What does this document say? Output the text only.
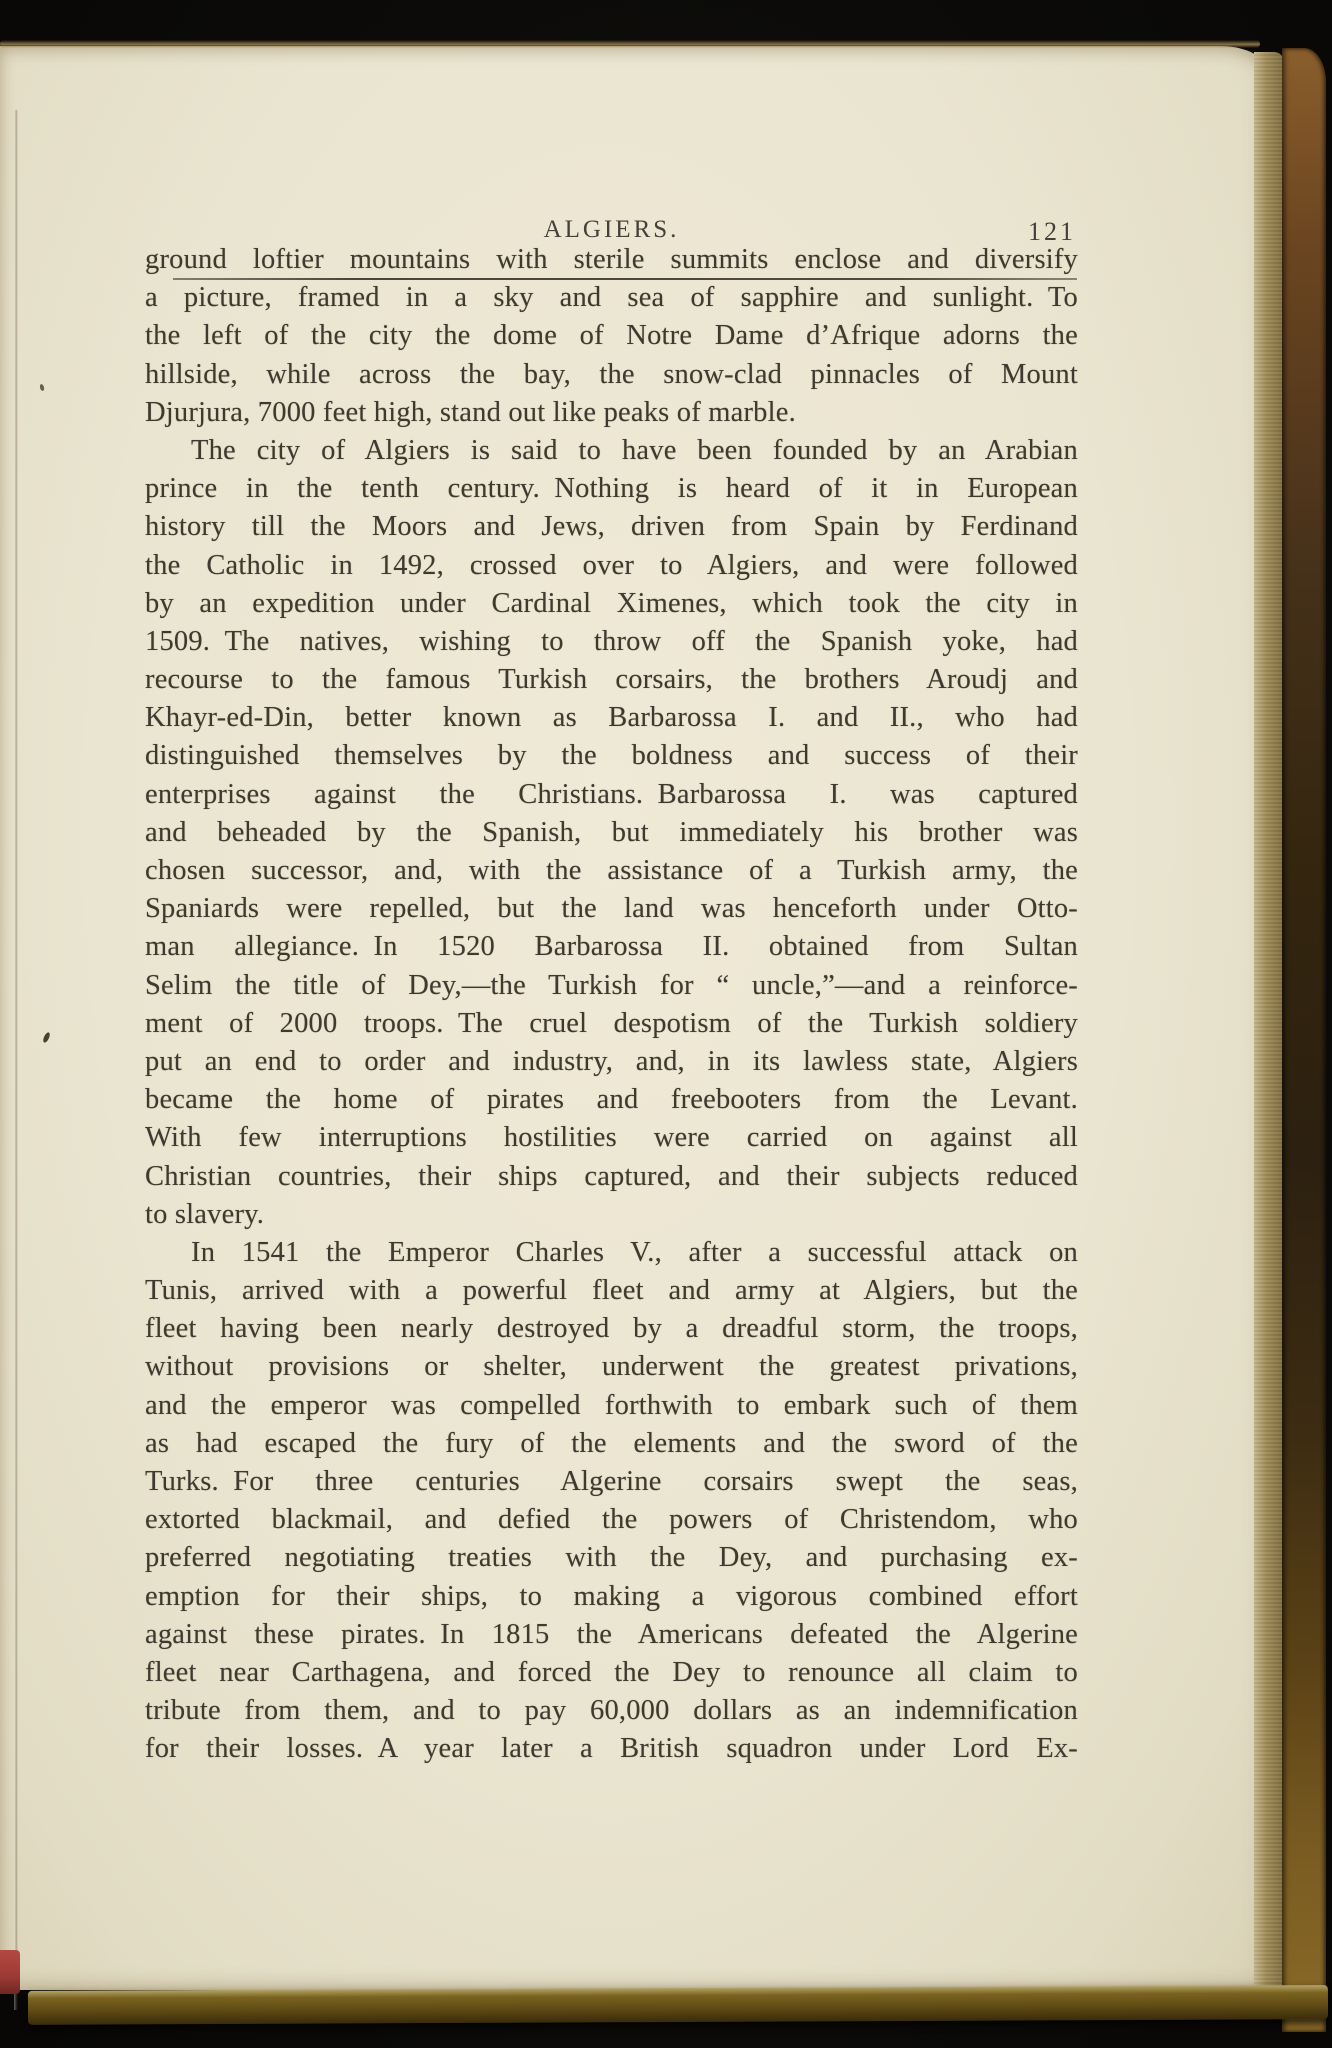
ALGIERS.	121
ground loftier mountains with sterile summits enclose and diversify
a picture, framed in a sky and sea of sapphire and sunlight. To
the left of the city the dome of Notre Dame d’Afrique adorns the
hillside, while across the bay, the snow-clad pinnacles of Mount
Djurjura, 7000 feet high, stand out like peaks of marble.
The city of Algiers is said to have been founded by an Arabian
prince in the tenth century. Nothing is heard of it in European
history till the Moors and Jews, driven from Spain by Ferdinand
the Catholic in 1492, crossed over to Algiers, and were followed
by an expedition under Cardinal Ximenes, which took the city in
1509. The natives, wishing to throw off the Spanish yoke, had
recourse to the famous Turkish corsairs, the brothers Aroudj and
Khayr-ed-Din, better known as Barbarossa I. and II., who had
distinguished themselves by the boldness and success of their
enterprises against the Christians. Barbarossa I. was captured
and beheaded by the Spanish, but immediately his brother was
chosen successor, and, with the assistance of a Turkish army, the
Spaniards were repelled, but the land was henceforth under Otto-
man allegiance. In 1520 Barbarossa II. obtained from Sultan
Selim the title of Dey,—the Turkish for “ uncle,”—and a reinforce-
ment of 2000 troops. The cruel despotism of the Turkish soldiery
put an end to order and industry, and, in its lawless state, Algiers
became the home of pirates and freebooters from the Levant.
With few interruptions hostilities were carried on against all
Christian countries, their ships captured, and their subjects reduced
to slavery.
In 1541 the Emperor Charles V., after a successful attack on
Tunis, arrived with a powerful fleet and army at Algiers, but the
fleet having been nearly destroyed by a dreadful storm, the troops,
without provisions or shelter, underwent the greatest privations,
and the emperor was compelled forthwith to embark such of them
as had escaped the fury of the elements and the sword of the
Turks. For three centuries Algerine corsairs swept the seas,
extorted blackmail, and defied the powers of Christendom, who
preferred negotiating treaties with the Dey, and purchasing ex-
emption for their ships, to making a vigorous combined effort
against these pirates. In 1815 the Americans defeated the Algerine
fleet near Carthagena, and forced the Dey to renounce all claim to
tribute from them, and to pay 60,000 dollars as an indemnification
for their losses. A year later a British squadron under Lord Ex-
